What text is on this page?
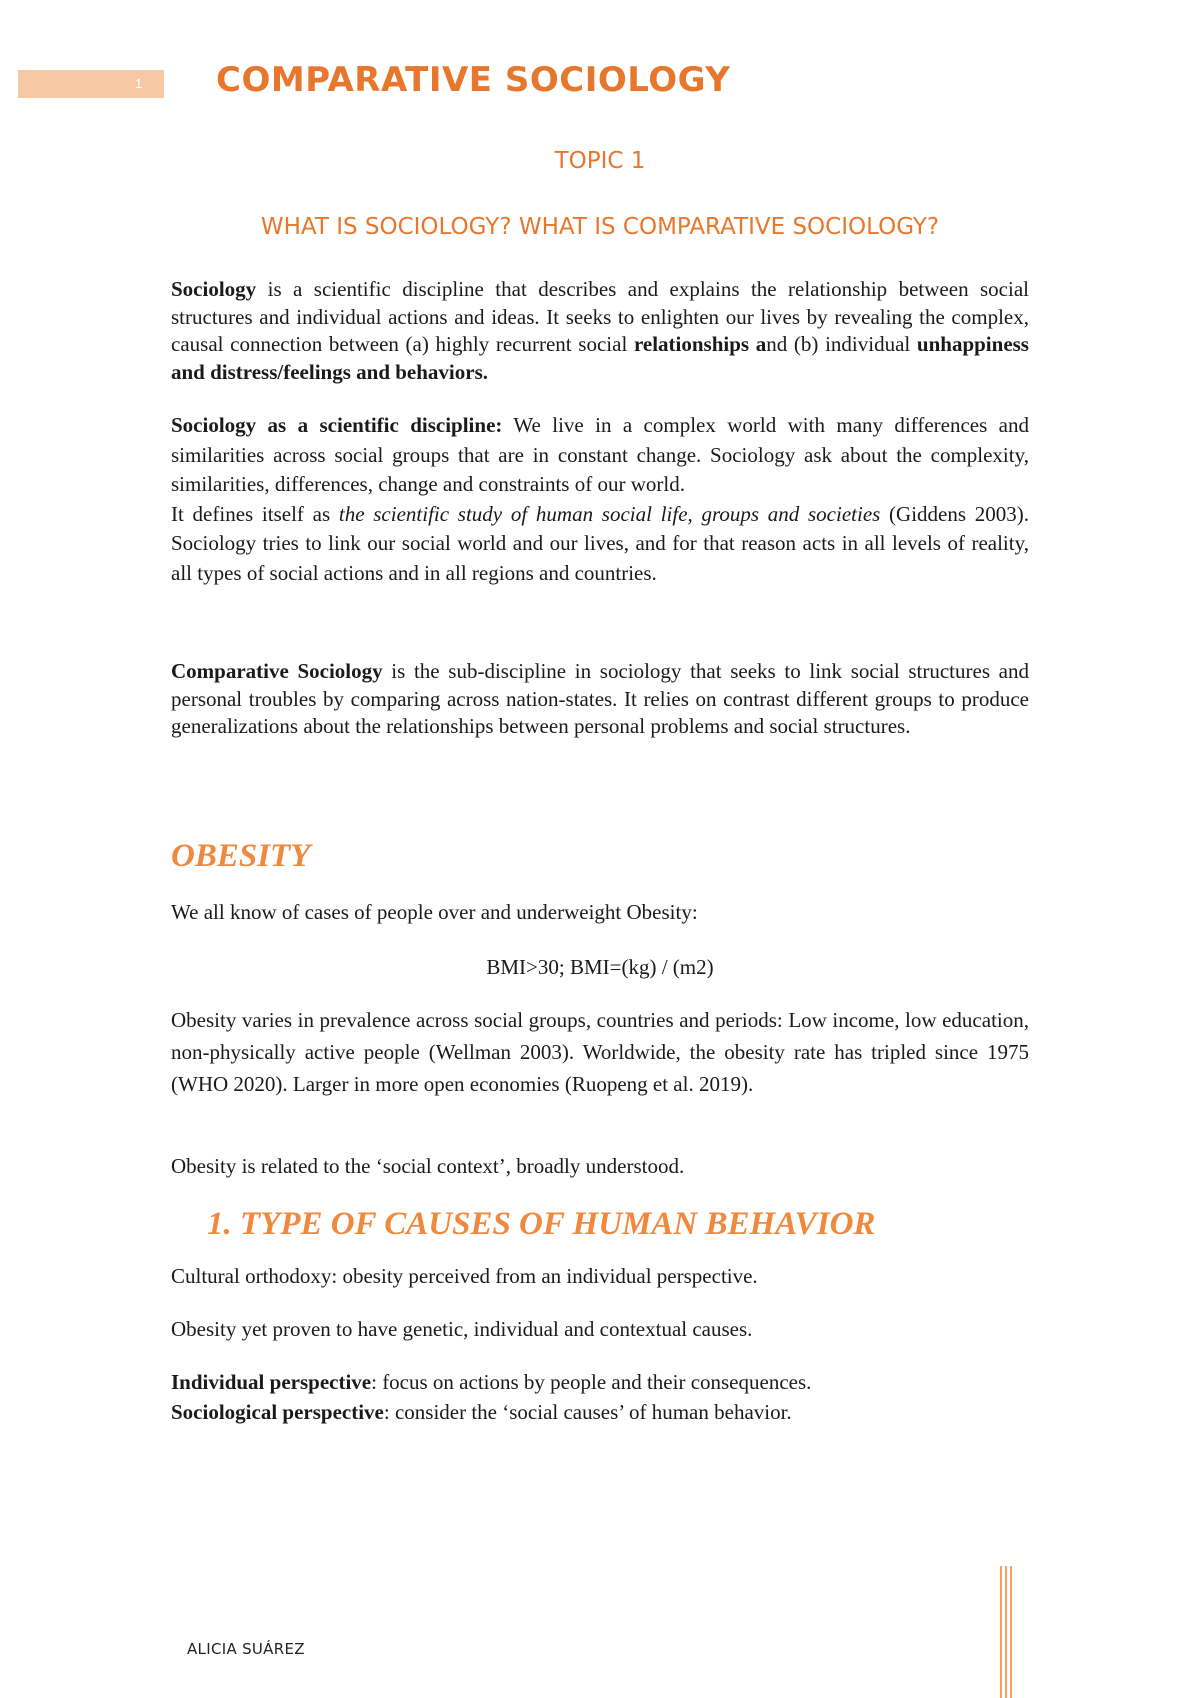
1 COMPARATIVE SOCIOLOGY
TOPIC 1
WHAT IS SOCIOLOGY? WHAT IS COMPARATIVE SOCIOLOGY?

Sociology is a scientific discipline that describes and explains the relationship between social structures and individual actions and ideas. It seeks to enlighten our lives by revealing the complex, causal connection between (a) highly recurrent social relationships and (b) individual unhappiness and distress/feelings and behaviors.

Sociology as a scientific discipline: We live in a complex world with many differences and similarities across social groups that are in constant change. Sociology ask about the complexity, similarities, differences, change and constraints of our world.

It defines itself as the scientific study of human social life, groups and societies (Giddens 2003). Sociology tries to link our social world and our lives, and for that reason acts in all levels of reality, all types of social actions and in all regions and countries.

Comparative Sociology is the sub-discipline in sociology that seeks to link social structures and personal troubles by comparing across nation-states. It relies on contrast different groups to produce generalizations about the relationships between personal problems and social structures.

OBESITY

We all know of cases of people over and underweight Obesity:

BMI>30; BMI=(kg) / (m2)

Obesity varies in prevalence across social groups, countries and periods: Low income, low education, non-physically active people (Wellman 2003). Worldwide, the obesity rate has tripled since 1975 (WHO 2020). Larger in more open economies (Ruopeng et al. 2019).

Obesity is related to the ‘social context’, broadly understood.

1. TYPE OF CAUSES OF HUMAN BEHAVIOR

Cultural orthodoxy: obesity perceived from an individual perspective.

Obesity yet proven to have genetic, individual and contextual causes.

Individual perspective: focus on actions by people and their consequences.

Sociological perspective: consider the ‘social causes’ of human behavior.

ALICIA SUÁREZ
